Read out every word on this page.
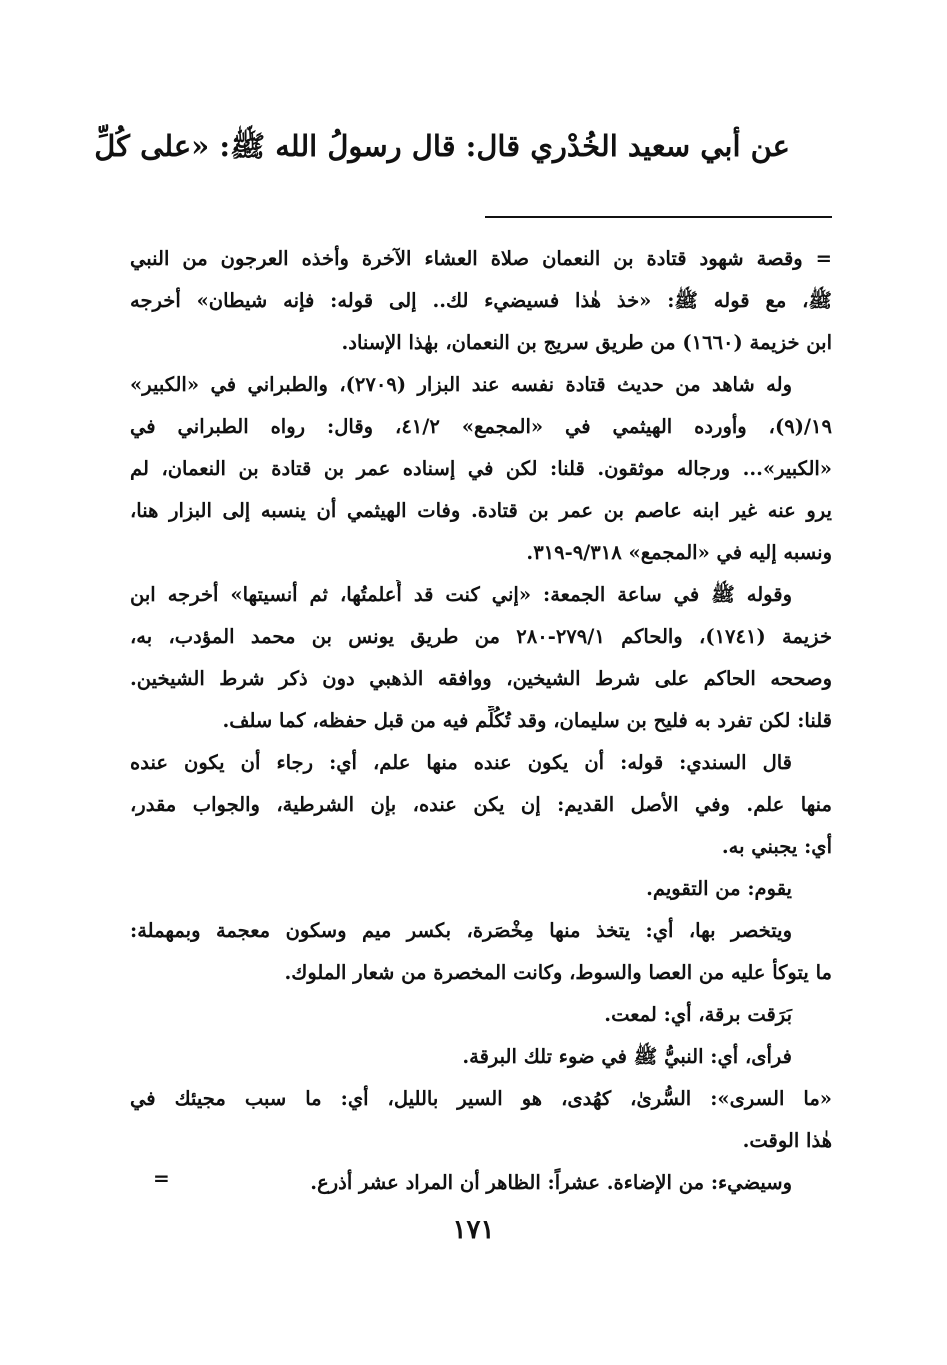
عن أبي سعيد الخُدْري قال: قال رسولُ الله ﷺ: «على كُلِّ
= وقصة شهود قتادة بن النعمان صلاة العشاء الآخرة وأخذه العرجون من النبي
ﷺ، مع قوله ﷺ: «خذ هٰذا فسيضيء لك.. إلى قوله: فإنه شيطان» أخرجه
ابن خزيمة (١٦٦٠) من طريق سريج بن النعمان، بهٰذا الإسناد.
وله شاهد من حديث قتادة نفسه عند البزار (٢٧٠٩)، والطبراني في «الكبير»
١٩/(٩)، وأورده الهيثمي في «المجمع» ٤١/٢، وقال: رواه الطبراني في
«الكبير»... ورجاله موثقون. قلنا: لكن في إسناده عمر بن قتادة بن النعمان، لم
يرو عنه غير ابنه عاصم بن عمر بن قتادة. وفات الهيثمي أن ينسبه إلى البزار هنا،
ونسبه إليه في «المجمع» ٩/٣١٨-٣١٩.
وقوله ﷺ في ساعة الجمعة: «إني كنت قد أُعلمتُها، ثم أنسيتها» أخرجه ابن
خزيمة (١٧٤١)، والحاكم ٢٧٩/١-٢٨٠ من طريق يونس بن محمد المؤدب، به،
وصححه الحاكم على شرط الشيخين، ووافقه الذهبي دون ذكر شرط الشيخين.
قلنا: لكن تفرد به فليح بن سليمان، وقد تُكُلِّم فيه من قبل حفظه، كما سلف.
قال السندي: قوله: أن يكون عنده منها علم، أي: رجاء أن يكون عنده
منها علم. وفي الأصل القديم: إن يكن عنده، بإن الشرطية، والجواب مقدر،
أي: يجبني به.
يقوم: من التقويم.
ويتخصر بها، أي: يتخذ منها مِخْصَرة، بكسر ميم وسكون معجمة وبمهملة:
ما يتوكأ عليه من العصا والسوط، وكانت المخصرة من شعار الملوك.
بَرَقت برقة، أي: لمعت.
فرأى، أي: النبيُّ ﷺ في ضوء تلك البرقة.
«ما السرى»: السُّرىٰ، كهُدى، هو السير بالليل، أي: ما سبب مجيئك في
هٰذا الوقت.
وسيضيء: من الإضاءة. عشراً: الظاهر أن المراد عشر أذرع.
=
١٧١
